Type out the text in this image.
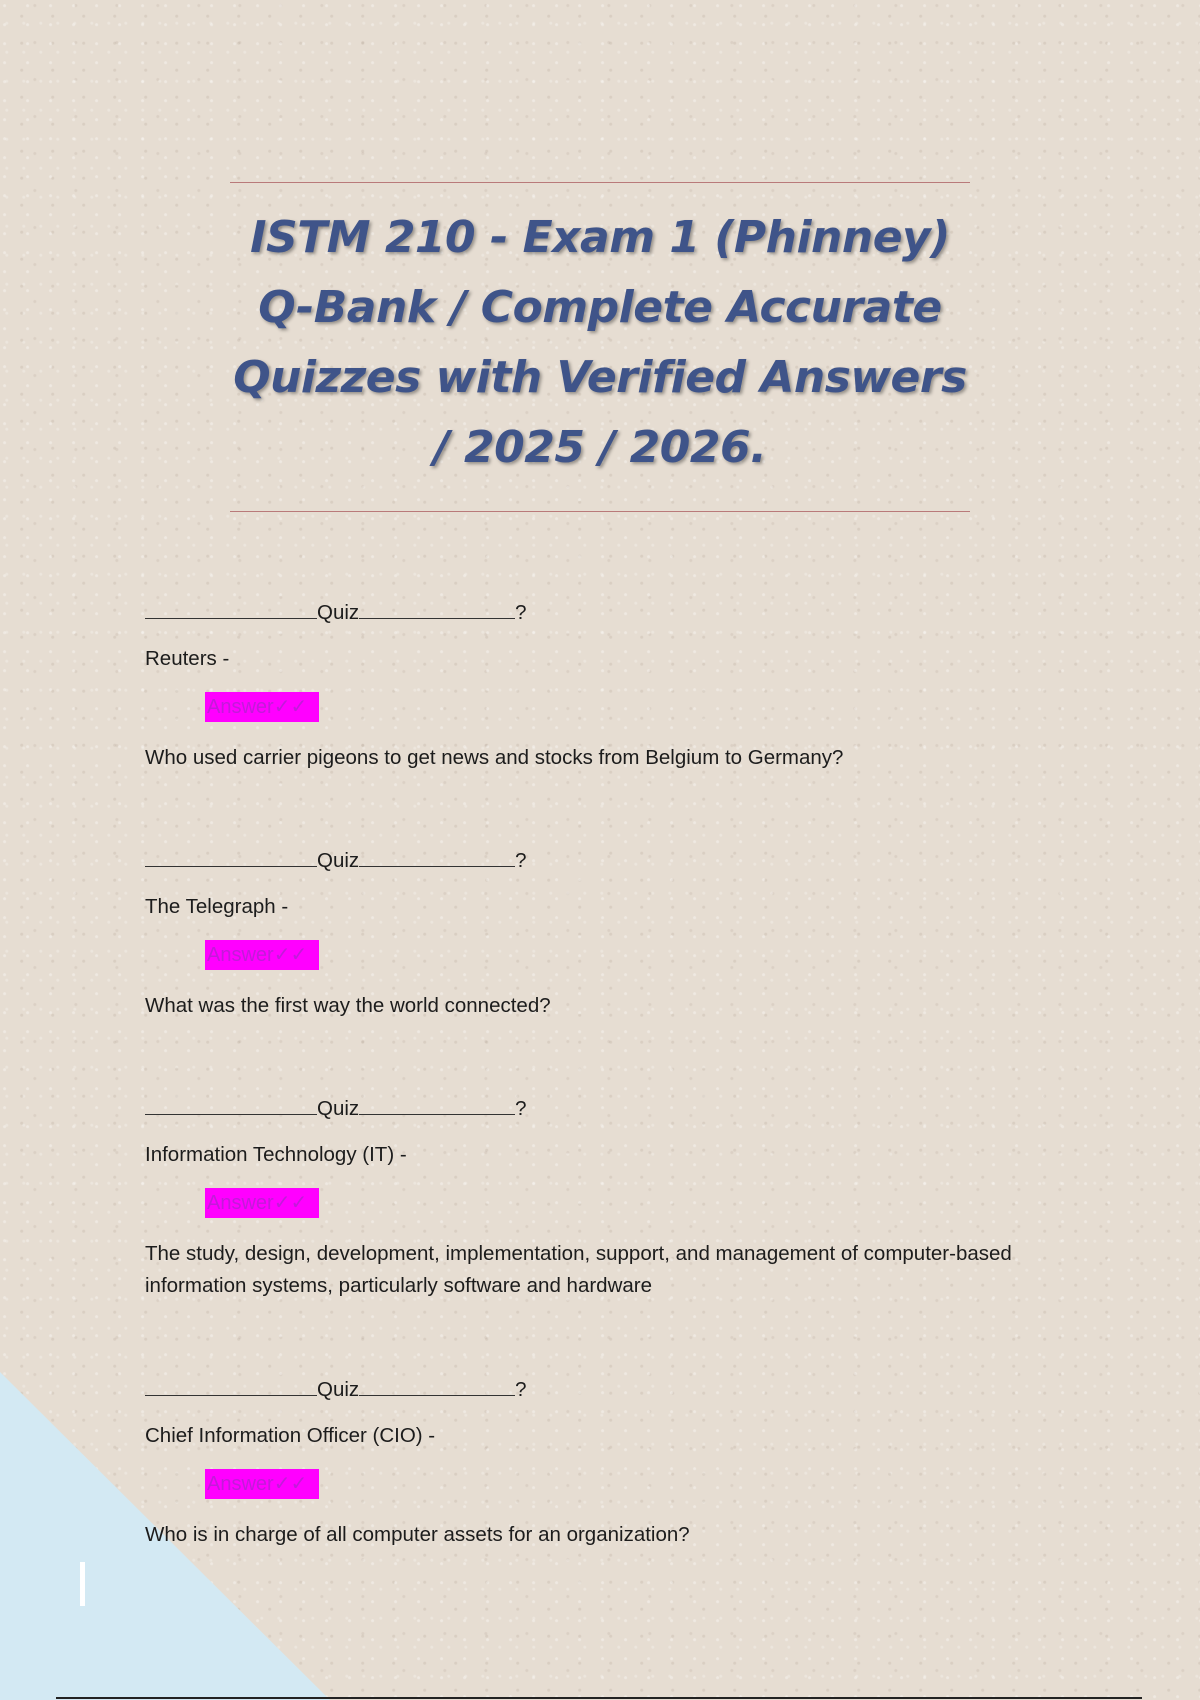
ISTM 210 - Exam 1 (Phinney) Q-Bank / Complete Accurate Quizzes with Verified Answers / 2025 / 2026.
Quiz	?
Reuters -
Answer✓✓
Who used carrier pigeons to get news and stocks from Belgium to Germany?
Quiz	?
The Telegraph -
Answer✓✓
What was the first way the world connected?
Quiz	?
Information Technology (IT) -
Answer✓✓
The study, design, development, implementation, support, and management of computer-based information systems, particularly software and hardware
Quiz	?
Chief Information Officer (CIO) -
Answer✓✓
Who is in charge of all computer assets for an organization?
